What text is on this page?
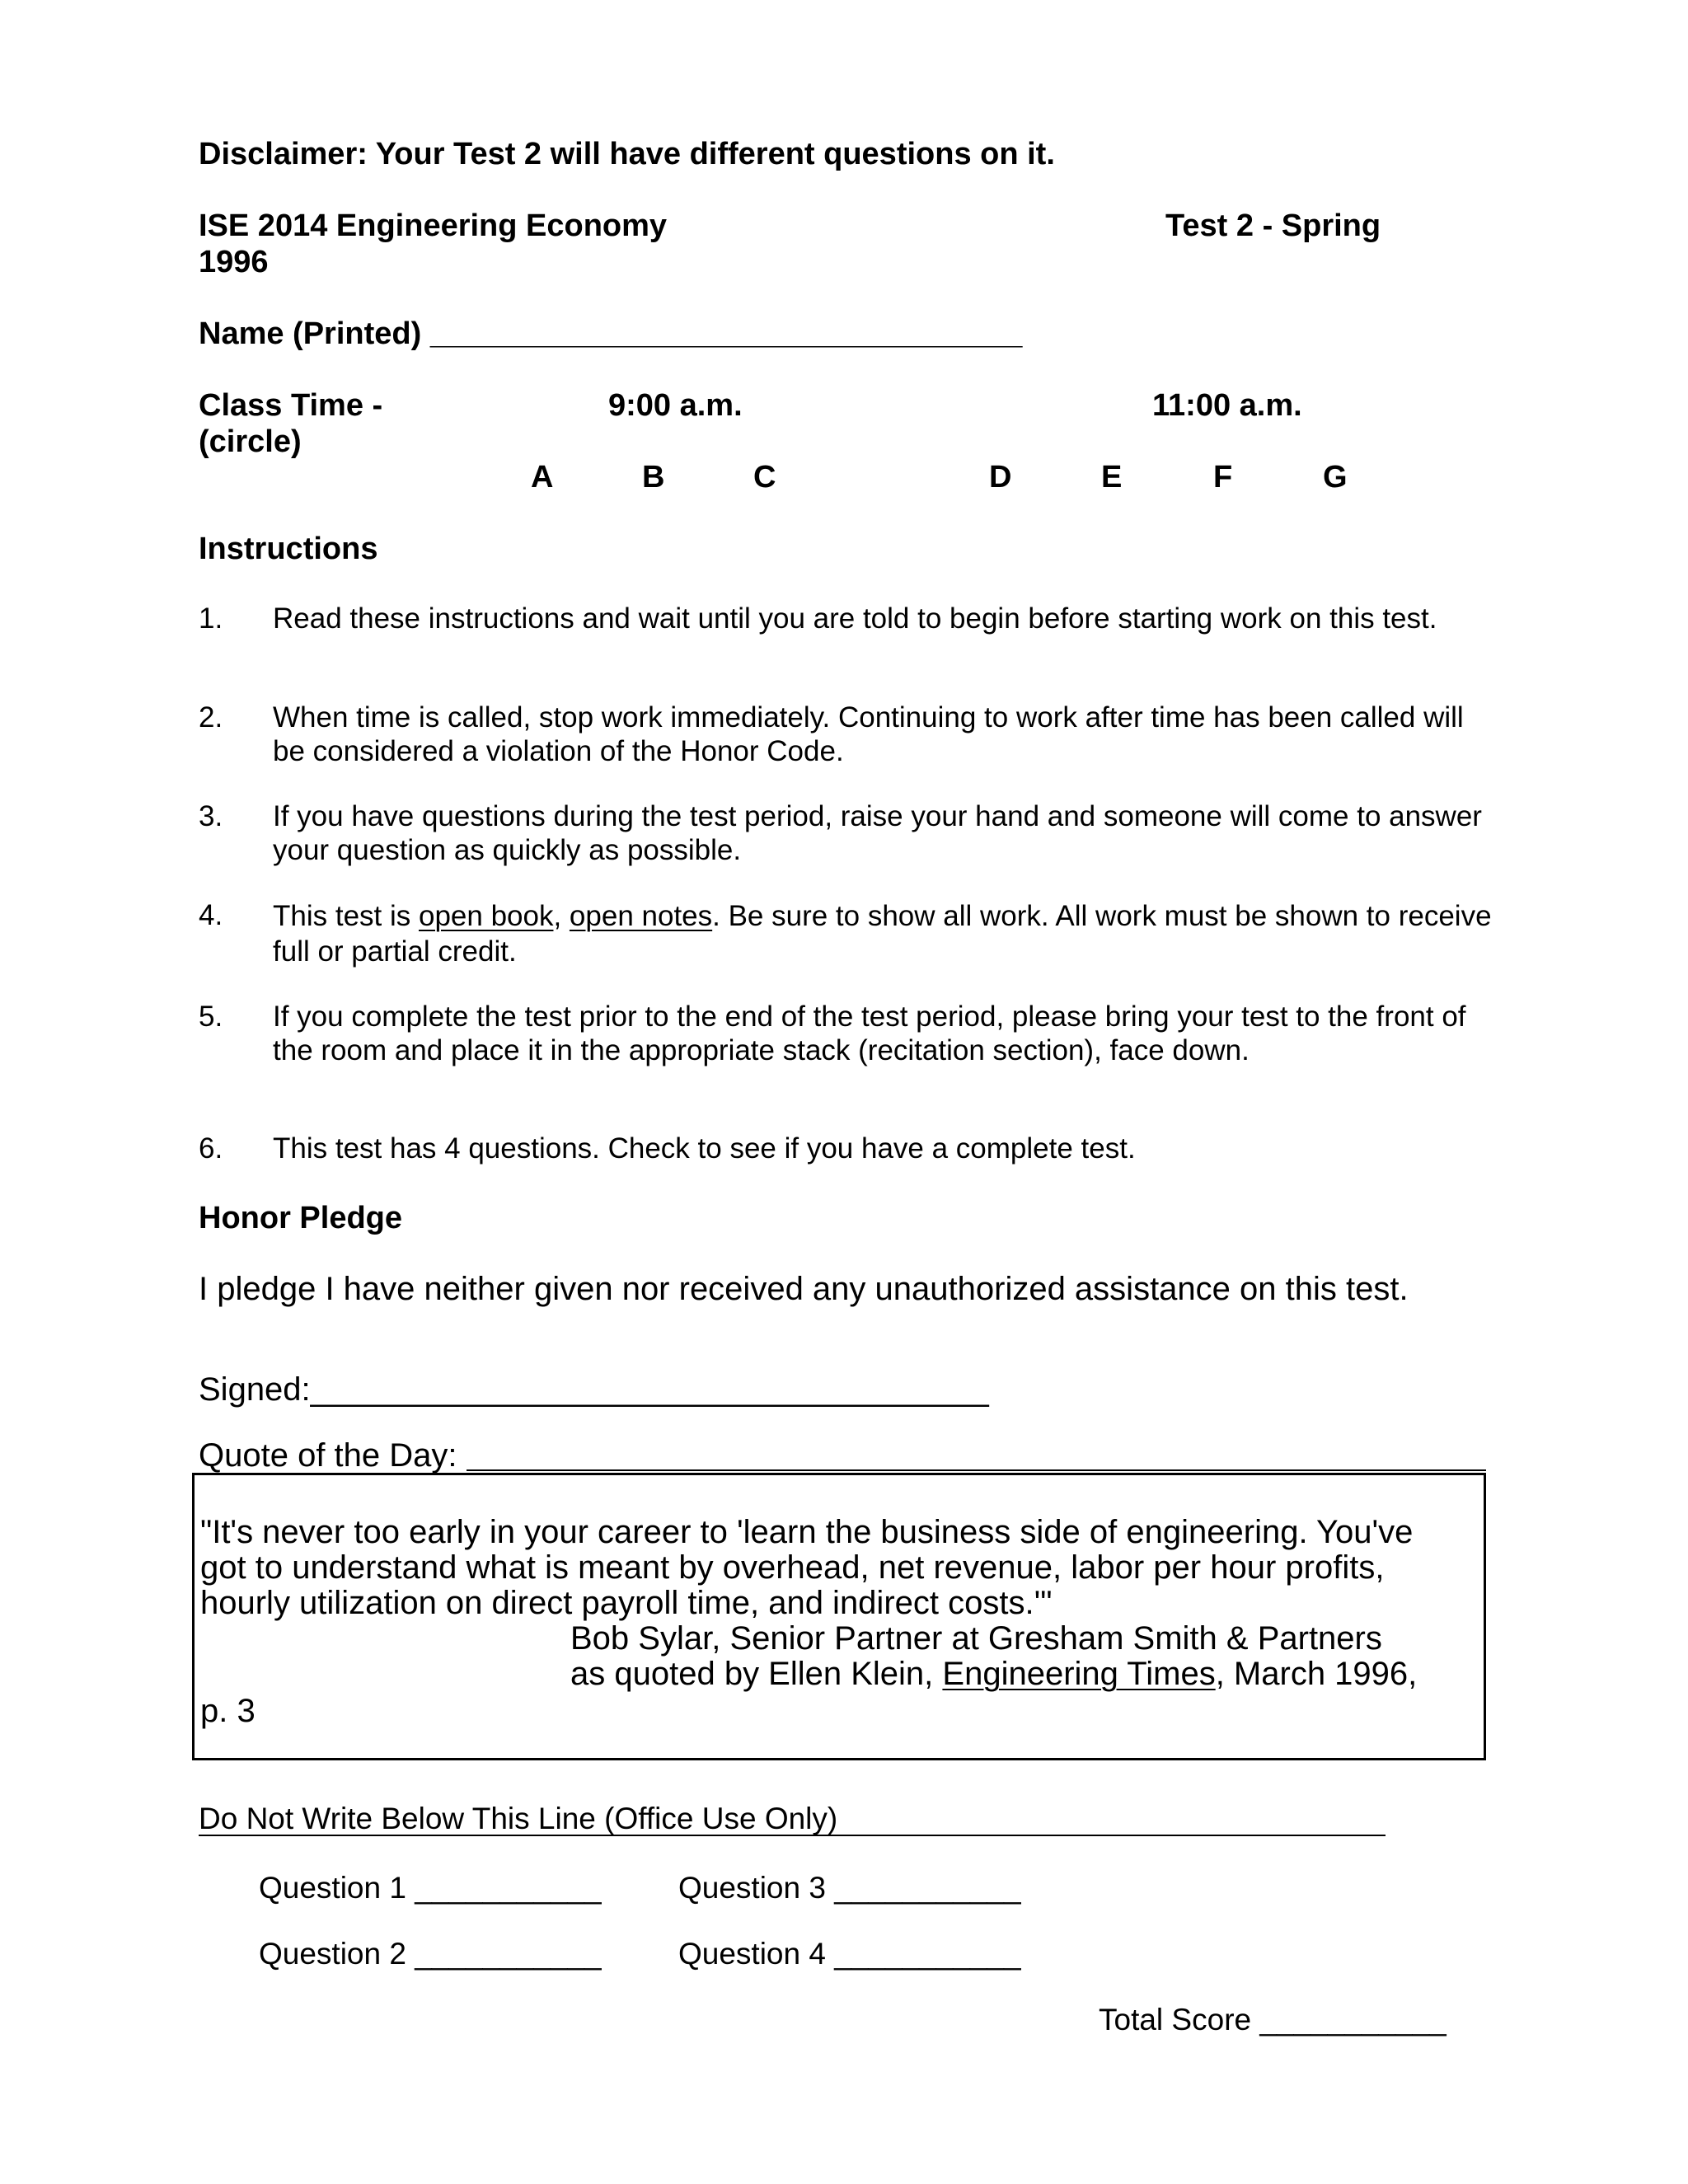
Disclaimer: Your Test 2 will have different questions on it.
ISE 2014 Engineering Economy	Test 2 - Spring
1996
Name (Printed) __________________________________
Class Time -
(circle)
9:00 a.m.	11:00 a.m.
A	B	C	D	E	F	G
Instructions
1. Read these instructions and wait until you are told to begin before starting work on this test.
2. When time is called, stop work immediately. Continuing to work after time has been called will be considered a violation of the Honor Code.
3. If you have questions during the test period, raise your hand and someone will come to answer your question as quickly as possible.
4. This test is open book, open notes. Be sure to show all work. All work must be shown to receive full or partial credit.
5. If you complete the test prior to the end of the test period, please bring your test to the front of the room and place it in the appropriate stack (recitation section), face down.
6. This test has 4 questions. Check to see if you have a complete test.
Honor Pledge
I pledge I have neither given nor received any unauthorized assistance on this test.
Signed:_____________________________________
Quote of the Day:
"It's never too early in your career to 'learn the business side of engineering. You've
got to understand what is meant by overhead, net revenue, labor per hour profits,
hourly utilization on direct payroll time, and indirect costs.'"
Bob Sylar, Senior Partner at Gresham Smith & Partners
as quoted by Ellen Klein, Engineering Times, March 1996,
p. 3
Do Not Write Below This Line (Office Use Only)
Question 1 ___________	Question 3 ___________
Question 2 ___________	Question 4 ___________
Total Score ___________
